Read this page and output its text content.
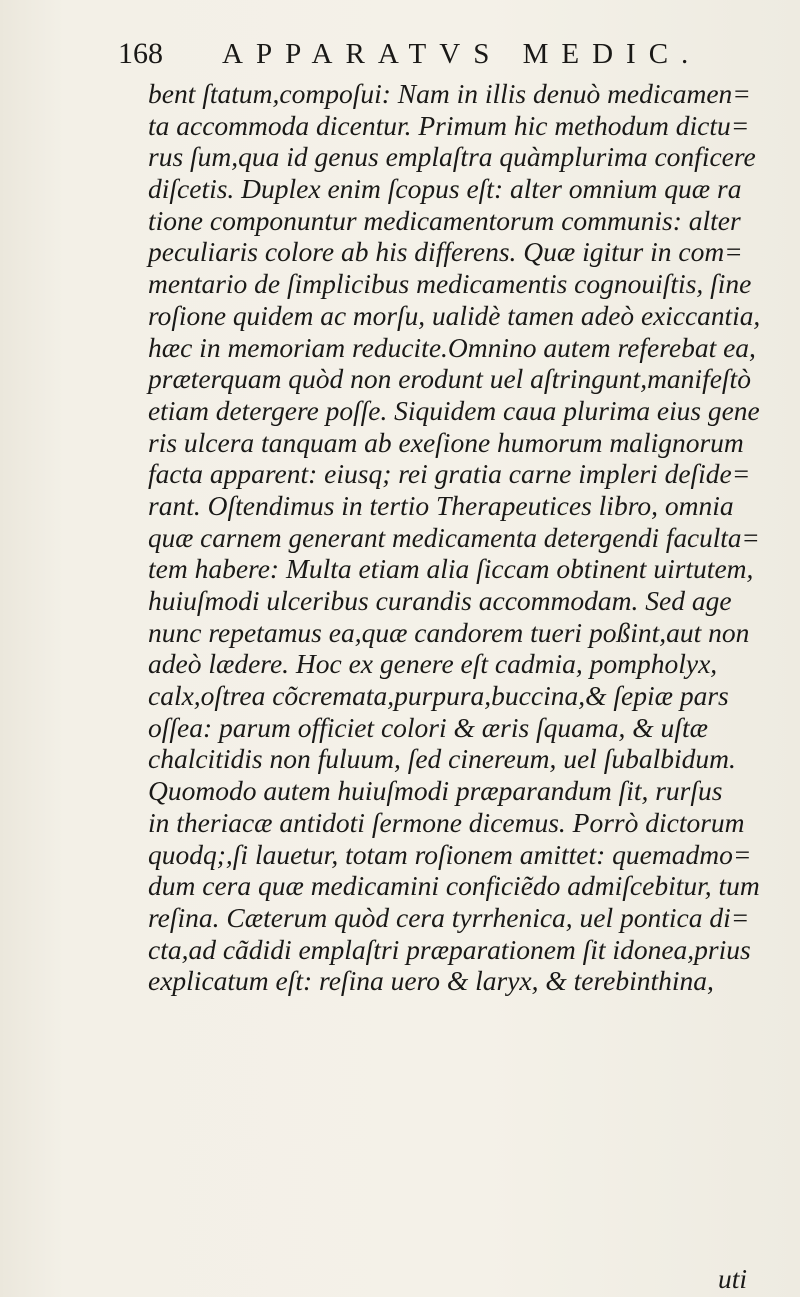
168 APPARATVS MEDIC.
bent ſtatum,compoſui: Nam in illis denuò medicamen=
ta accommoda dicentur. Primum hic methodum dictu=
rus ſum,qua id genus emplaſtra quàmplurima conficere
diſcetis. Duplex enim ſcopus eſt: alter omnium quæ ra
tione componuntur medicamentorum communis: alter
peculiaris colore ab his differens. Quæ igitur in com=
mentario de ſimplicibus medicamentis cognouiſtis, ſine
roſione quidem ac morſu, ualidè tamen adeò exiccantia,
hæc in memoriam reducite.Omnino autem referebat ea,
præterquam quòd non erodunt uel aſtringunt,manifeſtò
etiam detergere poſſe. Siquidem caua plurima eius gene
ris ulcera tanquam ab exeſione humorum malignorum
facta apparent: eiusq; rei gratia carne impleri deſide=
rant. Oſtendimus in tertio Therapeutices libro, omnia
quæ carnem generant medicamenta detergendi faculta=
tem habere: Multa etiam alia ſiccam obtinent uirtutem,
huiuſmodi ulceribus curandis accommodam. Sed age
nunc repetamus ea,quæ candorem tueri poßint,aut non
adeò lædere. Hoc ex genere eſt cadmia, pompholyx,
calx,oſtrea cõcremata,purpura,buccina,& ſepiæ pars
oſſea: parum officiet colori & æris ſquama, & uſtæ
chalcitidis non fuluum, ſed cinereum, uel ſubalbidum.
Quomodo autem huiuſmodi præparandum ſit, rurſus
in theriacæ antidoti ſermone dicemus. Porrò dictorum
quodq;,ſi lauetur, totam roſionem amittet: quemadmo=
dum cera quæ medicamini conficiẽdo admiſcebitur, tum
reſina. Cæterum quòd cera tyrrhenica, uel pontica di=
cta,ad cãdidi emplaſtri præparationem ſit idonea,prius
explicatum eſt: reſina uero & laryx, & terebinthina,
uti
